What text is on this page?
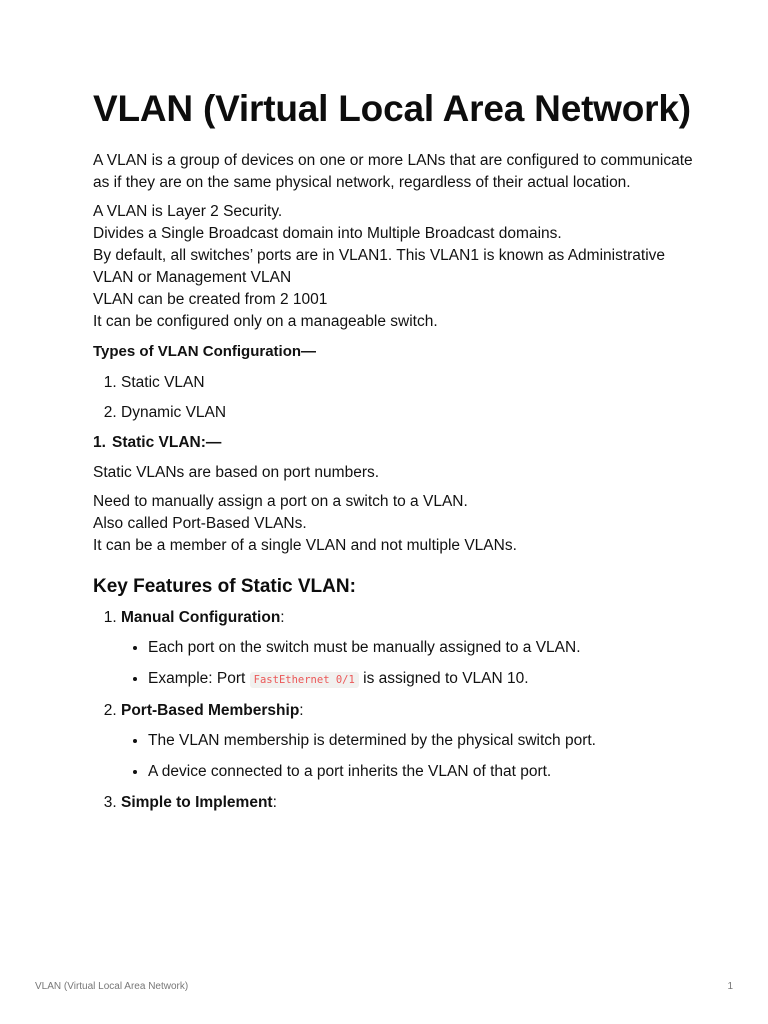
VLAN (Virtual Local Area Network)

A VLAN is a group of devices on one or more LANs that are configured to communicate as if they are on the same physical network, regardless of their actual location.

A VLAN is Layer 2 Security.

Divides a Single Broadcast domain into Multiple Broadcast domains.

By default, all switches’ ports are in VLAN1. This VLAN1 is known as Administrative VLAN or Management VLAN

VLAN can be created from 2 1001

It can be configured only on a manageable switch.

Types of VLAN Configuration—

1. Static VLAN
2. Dynamic VLAN

1. Static VLAN:—

Static VLANs are based on port numbers.

Need to manually assign a port on a switch to a VLAN.

Also called Port-Based VLANs.

It can be a member of a single VLAN and not multiple VLANs.

Key Features of Static VLAN:
1. Manual Configuration:
• Each port on the switch must be manually assigned to a VLAN.
• Example: Port FastEthernet 0/1 is assigned to VLAN 10.
2. Port-Based Membership:
• The VLAN membership is determined by the physical switch port.
• A device connected to a port inherits the VLAN of that port.
3. Simple to Implement:
VLAN (Virtual Local Area Network)	1
